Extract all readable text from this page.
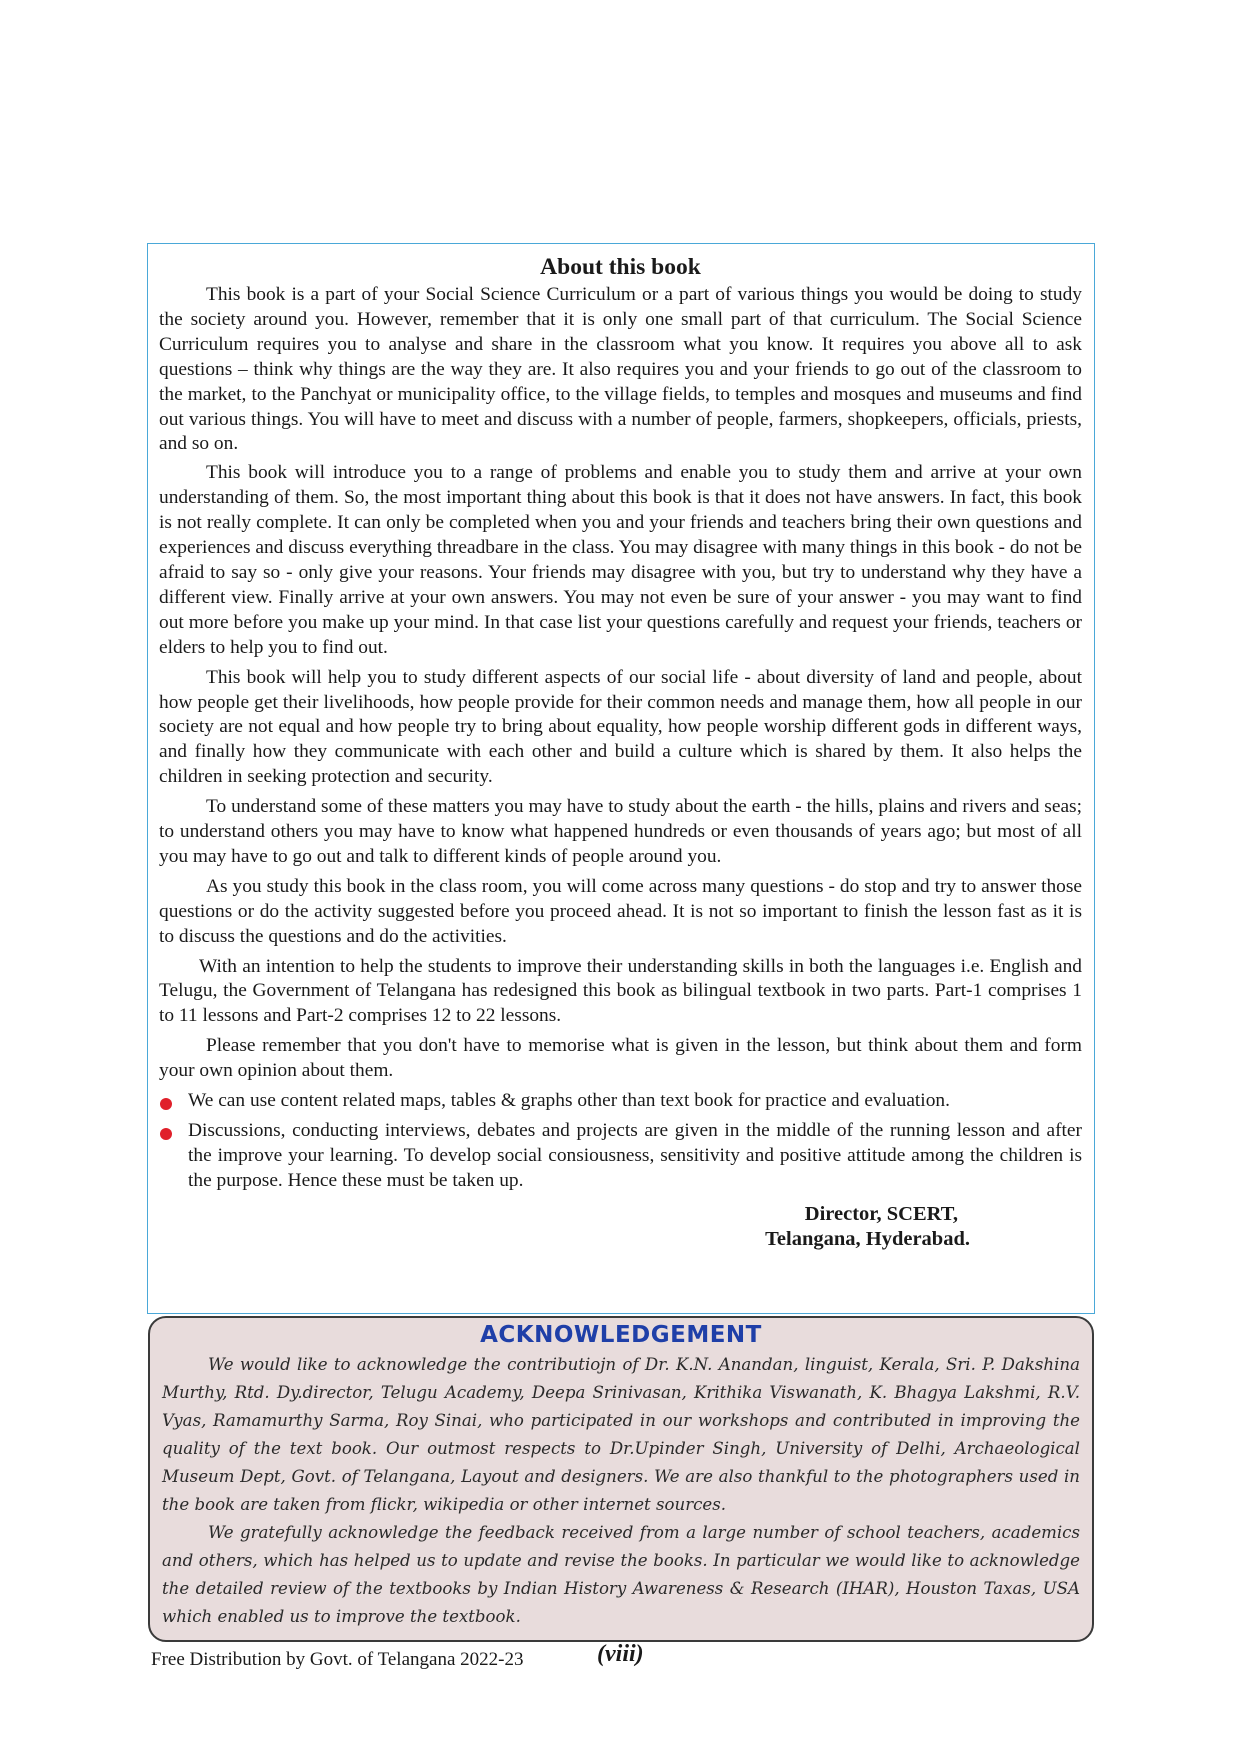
About this book

This book is a part of your Social Science Curriculum or a part of various things you would be doing to study the society around you. However, remember that it is only one small part of that curriculum. The Social Science Curriculum requires you to analyse and share in the classroom what you know. It requires you above all to ask questions – think why things are the way they are. It also requires you and your friends to go out of the classroom to the market, to the Panchyat or municipality office, to the village fields, to temples and mosques and museums and find out various things. You will have to meet and discuss with a number of people, farmers, shopkeepers, officials, priests, and so on.

This book will introduce you to a range of problems and enable you to study them and arrive at your own understanding of them. So, the most important thing about this book is that it does not have answers. In fact, this book is not really complete. It can only be completed when you and your friends and teachers bring their own questions and experiences and discuss everything threadbare in the class. You may disagree with many things in this book - do not be afraid to say so - only give your reasons. Your friends may disagree with you, but try to understand why they have a different view. Finally arrive at your own answers. You may not even be sure of your answer - you may want to find out more before you make up your mind. In that case list your questions carefully and request your friends, teachers or elders to help you to find out.

This book will help you to study different aspects of our social life - about diversity of land and people, about how people get their livelihoods, how people provide for their common needs and manage them, how all people in our society are not equal and how people try to bring about equality, how people worship different gods in different ways, and finally how they communicate with each other and build a culture which is shared by them. It also helps the children in seeking protection and security.

To understand some of these matters you may have to study about the earth - the hills, plains and rivers and seas; to understand others you may have to know what happened hundreds or even thousands of years ago; but most of all you may have to go out and talk to different kinds of people around you.

As you study this book in the class room, you will come across many questions - do stop and try to answer those questions or do the activity suggested before you proceed ahead. It is not so important to finish the lesson fast as it is to discuss the questions and do the activities.

With an intention to help the students to improve their understanding skills in both the languages i.e. English and Telugu, the Government of Telangana has redesigned this book as bilingual textbook in two parts. Part-1 comprises 1 to 11 lessons and Part-2 comprises 12 to 22 lessons.

Please remember that you don't have to memorise what is given in the lesson, but think about them and form your own opinion about them.

We can use content related maps, tables & graphs other than text book for practice and evaluation.
Discussions, conducting interviews, debates and projects are given in the middle of the running lesson and after the improve your learning. To develop social consiousness, sensitivity and positive attitude among the children is the purpose. Hence these must be taken up.
Director, SCERT,
Telangana, Hyderabad.
ACKNOWLEDGEMENT

We would like to acknowledge the contributiojn of Dr. K.N. Anandan, linguist, Kerala, Sri. P. Dakshina Murthy, Rtd. Dy.director, Telugu Academy, Deepa Srinivasan, Krithika Viswanath, K. Bhagya Lakshmi, R.V. Vyas, Ramamurthy Sarma, Roy Sinai, who participated in our workshops and contributed in improving the quality of the text book. Our outmost respects to Dr.Upinder Singh, University of Delhi, Archaeological Museum Dept, Govt. of Telangana, Layout and designers. We are also thankful to the photographers used in the book are taken from flickr, wikipedia or other internet sources.

We gratefully acknowledge the feedback received from a large number of school teachers, academics and others, which has helped us to update and revise the books. In particular we would like to acknowledge the detailed review of the textbooks by Indian History Awareness & Research (IHAR), Houston Taxas, USA which enabled us to improve the textbook.

Free Distribution by Govt. of Telangana 2022-23	(viii)
